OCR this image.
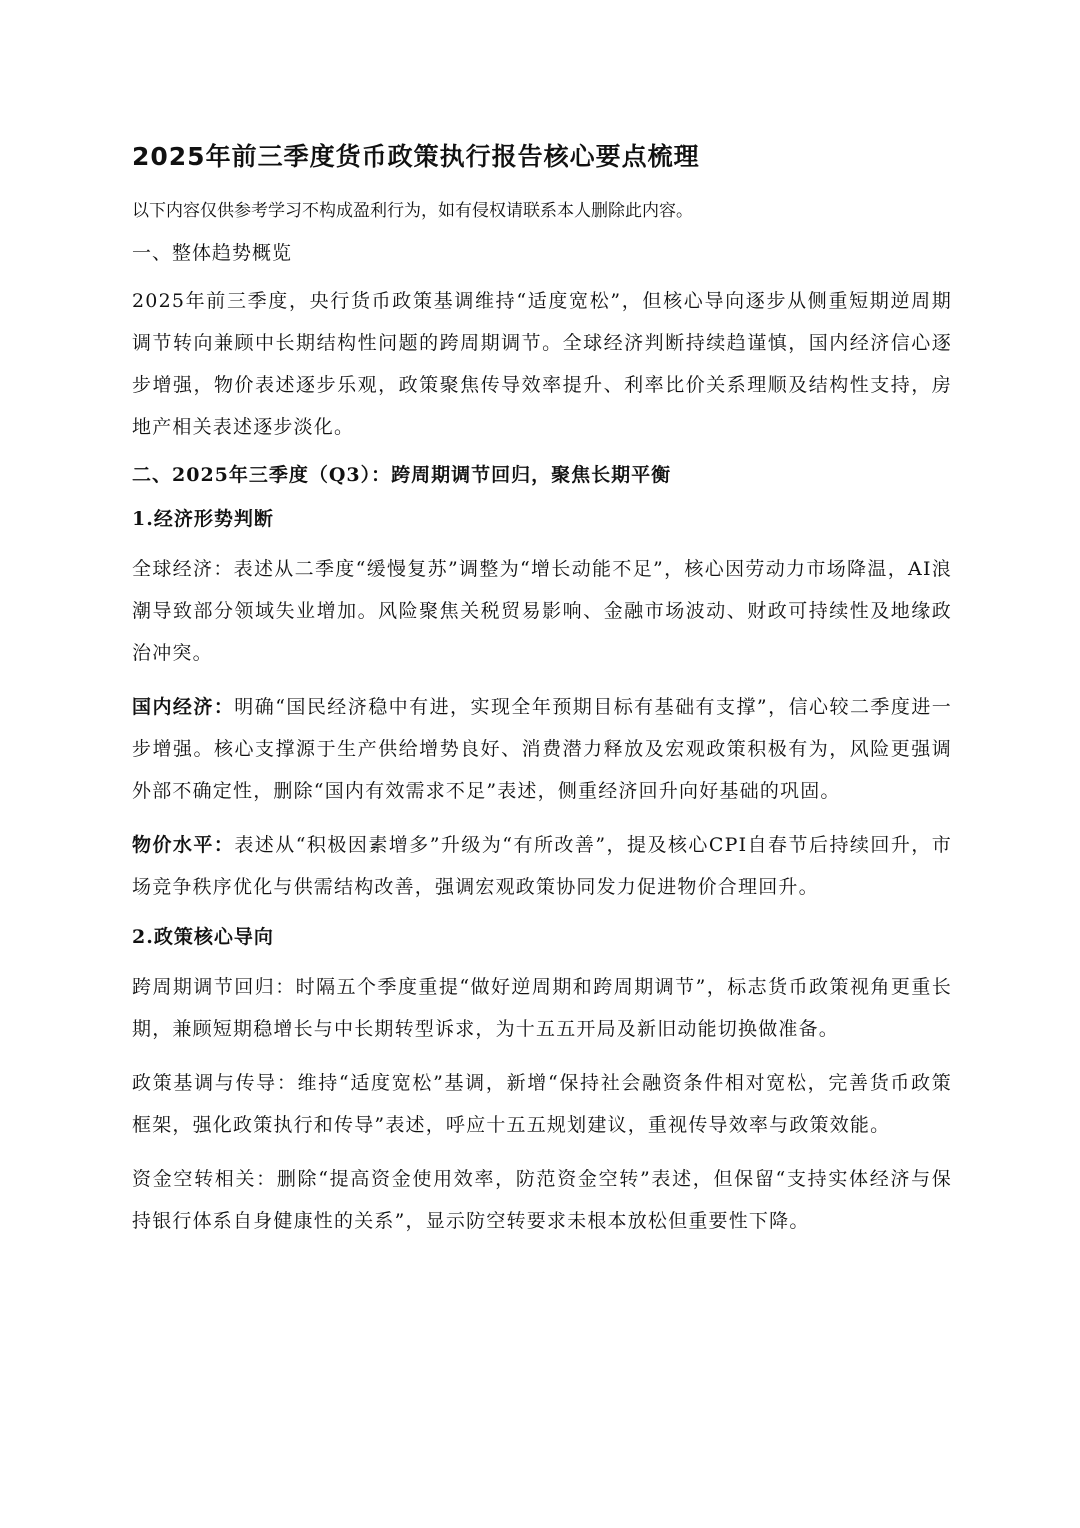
2025年前三季度货币政策执行报告核心要点梳理

以下内容仅供参考学习不构成盈利行为，如有侵权请联系本人删除此内容。

一、整体趋势概览

2025年前三季度，央行货币政策基调维持“适度宽松”，但核心导向逐步从侧重短期逆周期调节转向兼顾中长期结构性问题的跨周期调节。全球经济判断持续趋谨慎，国内经济信心逐步增强，物价表述逐步乐观，政策聚焦传导效率提升、利率比价关系理顺及结构性支持，房地产相关表述逐步淡化。

二、2025年三季度（Q3）：跨周期调节回归，聚焦长期平衡

1.经济形势判断

全球经济：表述从二季度“缓慢复苏”调整为“增长动能不足”，核心因劳动力市场降温，AI浪潮导致部分领域失业增加。风险聚焦关税贸易影响、金融市场波动、财政可持续性及地缘政治冲突。

国内经济：明确“国民经济稳中有进，实现全年预期目标有基础有支撑”，信心较二季度进一步增强。核心支撑源于生产供给增势良好、消费潜力释放及宏观政策积极有为，风险更强调外部不确定性，删除“国内有效需求不足”表述，侧重经济回升向好基础的巩固。

物价水平：表述从“积极因素增多”升级为“有所改善”，提及核心CPI自春节后持续回升，市场竞争秩序优化与供需结构改善，强调宏观政策协同发力促进物价合理回升。

2.政策核心导向

跨周期调节回归：时隔五个季度重提“做好逆周期和跨周期调节”，标志货币政策视角更重长期，兼顾短期稳增长与中长期转型诉求，为十五五开局及新旧动能切换做准备。

政策基调与传导：维持“适度宽松”基调，新增“保持社会融资条件相对宽松，完善货币政策框架，强化政策执行和传导”表述，呼应十五五规划建议，重视传导效率与政策效能。

资金空转相关：删除“提高资金使用效率，防范资金空转”表述，但保留“支持实体经济与保持银行体系自身健康性的关系”，显示防空转要求未根本放松但重要性下降。
